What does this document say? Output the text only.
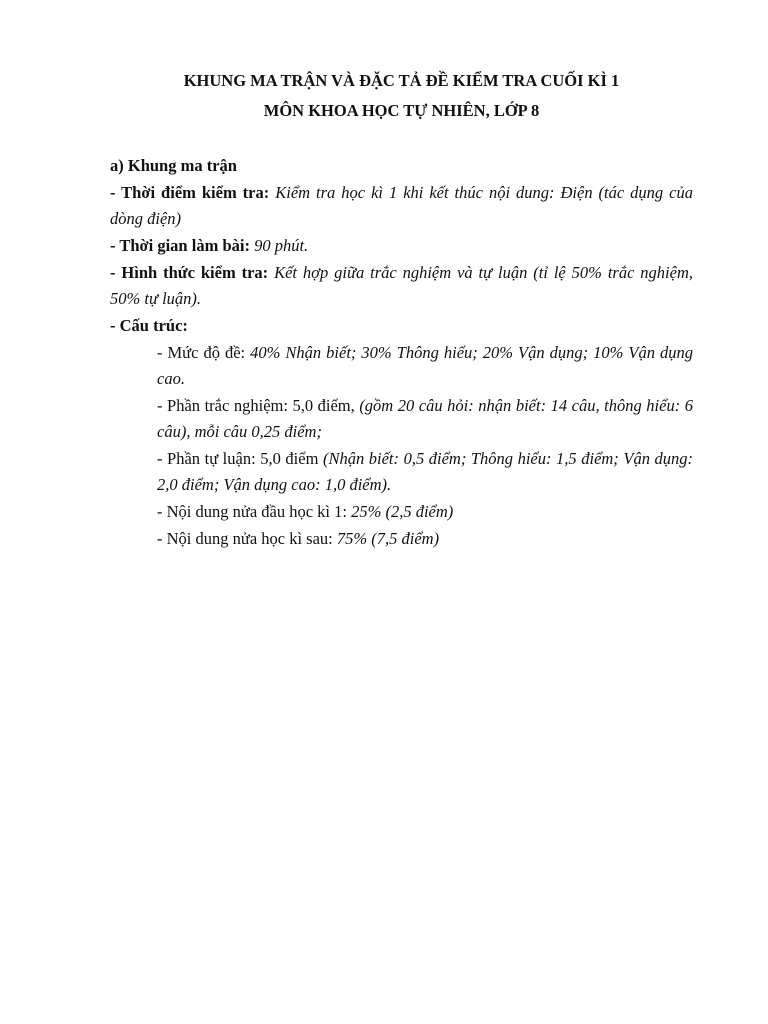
KHUNG MA TRẬN VÀ ĐẶC TẢ ĐỀ KIỂM TRA CUỐI KÌ 1

MÔN KHOA HỌC TỰ NHIÊN, LỚP 8

a) Khung ma trận

- Thời điểm kiểm tra: Kiểm tra học kì 1 khi kết thúc nội dung: Điện (tác dụng của dòng điện)

- Thời gian làm bài: 90 phút.

- Hình thức kiểm tra: Kết hợp giữa trắc nghiệm và tự luận (tỉ lệ 50% trắc nghiệm, 50% tự luận).

- Cấu trúc:

- Mức độ đề: 40% Nhận biết; 30% Thông hiểu; 20% Vận dụng; 10% Vận dụng cao.

- Phần trắc nghiệm: 5,0 điểm, (gồm 20 câu hỏi: nhận biết: 14 câu, thông hiểu: 6 câu), mỗi câu 0,25 điểm;

- Phần tự luận: 5,0 điểm (Nhận biết: 0,5 điểm; Thông hiểu: 1,5 điểm; Vận dụng: 2,0 điểm; Vận dụng cao: 1,0 điểm).

- Nội dung nửa đầu học kì 1: 25% (2,5 điểm)

- Nội dung nửa học kì sau: 75% (7,5 điểm)
